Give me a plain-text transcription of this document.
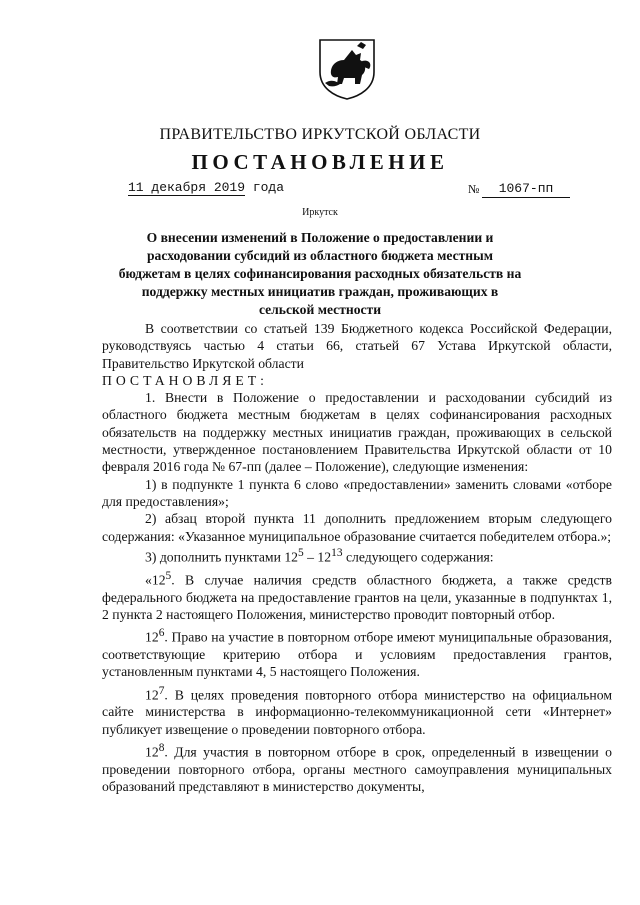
ПРАВИТЕЛЬСТВО ИРКУТСКОЙ ОБЛАСТИ
ПОСТАНОВЛЕНИЕ
11 декабря 2019 года	№	1067-пп
Иркутск
О внесении изменений в Положение о предоставлении и расходовании субсидий из областного бюджета местным бюджетам в целях софинансирования расходных обязательств на поддержку местных инициатив граждан, проживающих в сельской местности

В соответствии со статьей 139 Бюджетного кодекса Российской Федерации, руководствуясь частью 4 статьи 66, статьей 67 Устава Иркутской области, Правительство Иркутской области

ПОСТАНОВЛЯЕТ:

1. Внести в Положение о предоставлении и расходовании субсидий из областного бюджета местным бюджетам в целях софинансирования расходных обязательств на поддержку местных инициатив граждан, проживающих в сельской местности, утвержденное постановлением Правительства Иркутской области от 10 февраля 2016 года № 67-пп (далее – Положение), следующие изменения:

1) в подпункте 1 пункта 6 слово «предоставлении» заменить словами «отборе для предоставления»;

2) абзац второй пункта 11 дополнить предложением вторым следующего содержания: «Указанное муниципальное образование считается победителем отбора.»;

3) дополнить пунктами $12^5 - 12^{13}$ следующего содержания:

«$12^5$. В случае наличия средств областного бюджета, а также средств федерального бюджета на предоставление грантов на цели, указанные в подпунктах 1, 2 пункта 2 настоящего Положения, министерство проводит повторный отбор.

$12^6$. Право на участие в повторном отборе имеют муниципальные образования, соответствующие критерию отбора и условиям предоставления грантов, установленным пунктами 4, 5 настоящего Положения.

$12^7$. В целях проведения повторного отбора министерство на официальном сайте министерства в информационно-телекоммуникационной сети «Интернет» публикует извещение о проведении повторного отбора.

$12^8$. Для участия в повторном отборе в срок, определенный в извещении о проведении повторного отбора, органы местного самоуправления муниципальных образований представляют в министерство документы,
